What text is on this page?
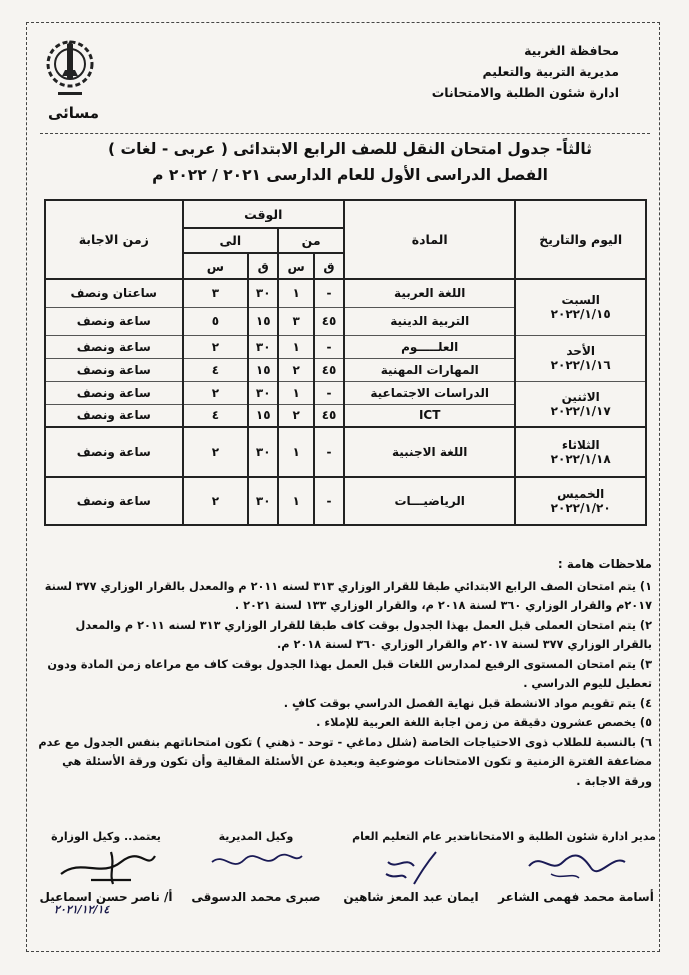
محافظة الغربية
مديرية التربية والتعليم
ادارة شئون الطلبة والامتحانات
مسائى
ثالثاً- جدول امتحان النقل للصف الرابع الابتدائى ( عربى - لغات )
الفصل الدراسى الأول للعام الدارسى ٢٠٢١ / ٢٠٢٢ م
اليوم والتاريخ	المادة	الوقت				زمن الاجابة
		من		الى		
		ق	س	ق	س	

السبت
٢٠٢٢/١/١٥	اللغة العربية	-	١	٣٠	٣	ساعتان ونصف
	التربية الدينية	٤٥	٣	١٥	٥	ساعة ونصف

الأحد
٢٠٢٢/١/١٦	العلـــــوم	-	١	٣٠	٢	ساعة ونصف
	المهارات المهنية	٤٥	٢	١٥	٤	ساعة ونصف

الاثنين
٢٠٢٢/١/١٧	الدراسات الاجتماعية	-	١	٣٠	٢	ساعة ونصف
	ICT	٤٥	٢	١٥	٤	ساعة ونصف

الثلاثاء
٢٠٢٢/١/١٨	اللغة الاجنبية	-	١	٣٠	٢	ساعة ونصف

الخميس
٢٠٢٢/١/٢٠	الرياضيـــات	-	١	٣٠	٢	ساعة ونصف
ملاحظات هامة :

١) يتم امتحان الصف الرابع الابتدائي طبقا للقرار الوزاري ٣١٣ لسنه ٢٠١١ م والمعدل بالقرار الوزاري ٣٧٧ لسنة ٢٠١٧م والقرار الوزاري ٣٦٠ لسنة ٢٠١٨ م، والقرار الوزاري ١٣٣ لسنة ٢٠٢١ .

٢) يتم امتحان العملى قبل العمل بهذا الجدول بوقت كاف طبقا للقرار الوزاري ٣١٣ لسنه ٢٠١١ م والمعدل بالقرار الوزاري ٣٧٧ لسنة ٢٠١٧م والقرار الوزاري ٣٦٠ لسنة ٢٠١٨ م.

٣) يتم امتحان المستوى الرفيع لمدارس اللغات قبل العمل بهذا الجدول بوقت كاف مع مراعاه زمن المادة ودون تعطيل لليوم الدراسي .

٤) يتم تقويم مواد الانشطة قبل نهاية الفصل الدراسي بوقت كافٍ .

٥) يخصص عشرون دقيقة من زمن اجابة اللغة العربية للإملاء .

٦) بالنسبة للطلاب ذوى الاحتياجات الخاصة (شلل دماغي - توحد - ذهني ) تكون امتحاناتهم بنفس الجدول مع عدم مضاعفة الفترة الزمنية و تكون الامتحانات موضوعية وبعيدة عن الأسئلة المقالية وأن تكون ورقة الأسئلة هي ورقة الاجابة .

مدير ادارة شئون الطلبة و الامتحانات
أسامة محمد فهمى الشاعر
مدير عام التعليم العام
ايمان عبد المعز شاهين
وكيل المديرية
صبرى محمد الدسوقى
يعتمد.. وكيل الوزارة
أ/ ناصر حسن اسماعيل
٢٠٢١/١٢/١٤
